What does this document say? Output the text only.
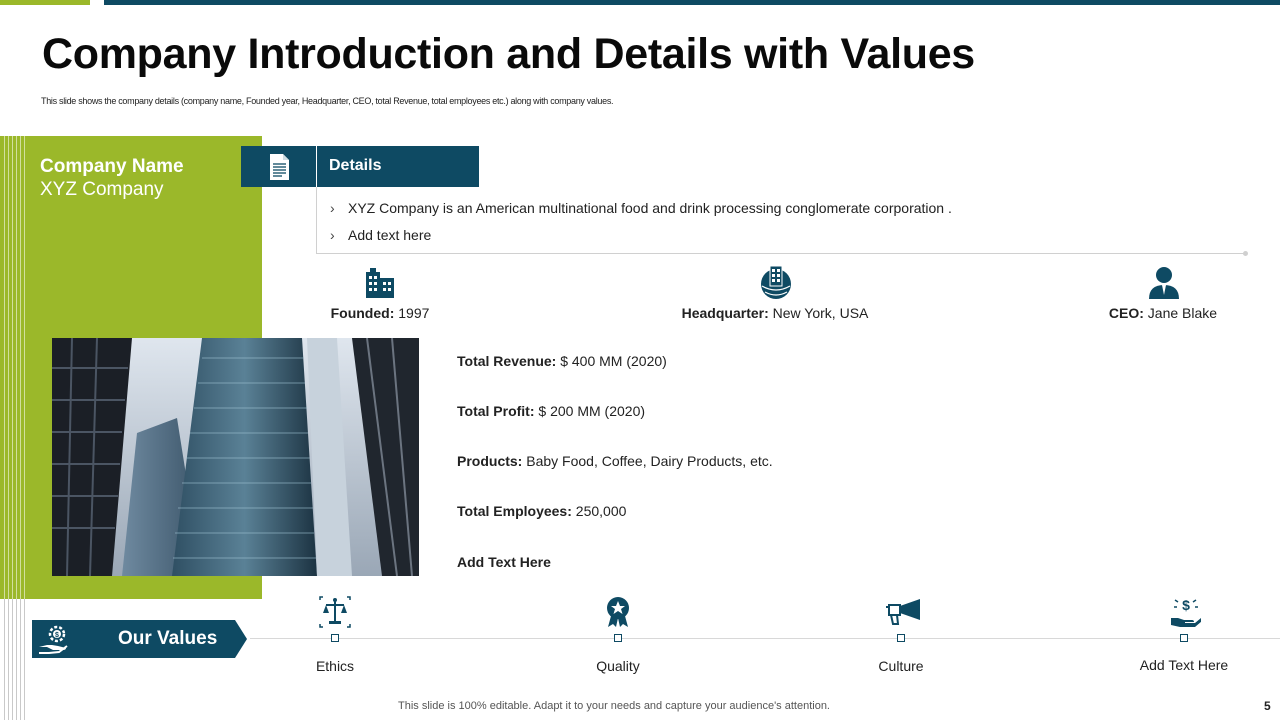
Company Introduction and Details with Values

This slide shows the company details (company name, Founded year, Headquarter, CEO, total Revenue, total employees etc.) along with company values.

Company Name
XYZ Company
Details
› XYZ Company is an American multinational food and drink processing conglomerate corporation .
› Add text here
Founded: 1997	Headquarter: New York, USA	CEO: Jane Blake
Total Revenue: $ 400 MM (2020)
Total Profit: $ 200 MM (2020)
Products: Baby Food, Coffee, Dairy Products, etc.
Total Employees: 250,000
Add Text Here
$	Our Values
$
Ethics	Quality	Culture	Add Text Here
This slide is 100% editable. Adapt it to your needs and capture your audience's attention.	5
